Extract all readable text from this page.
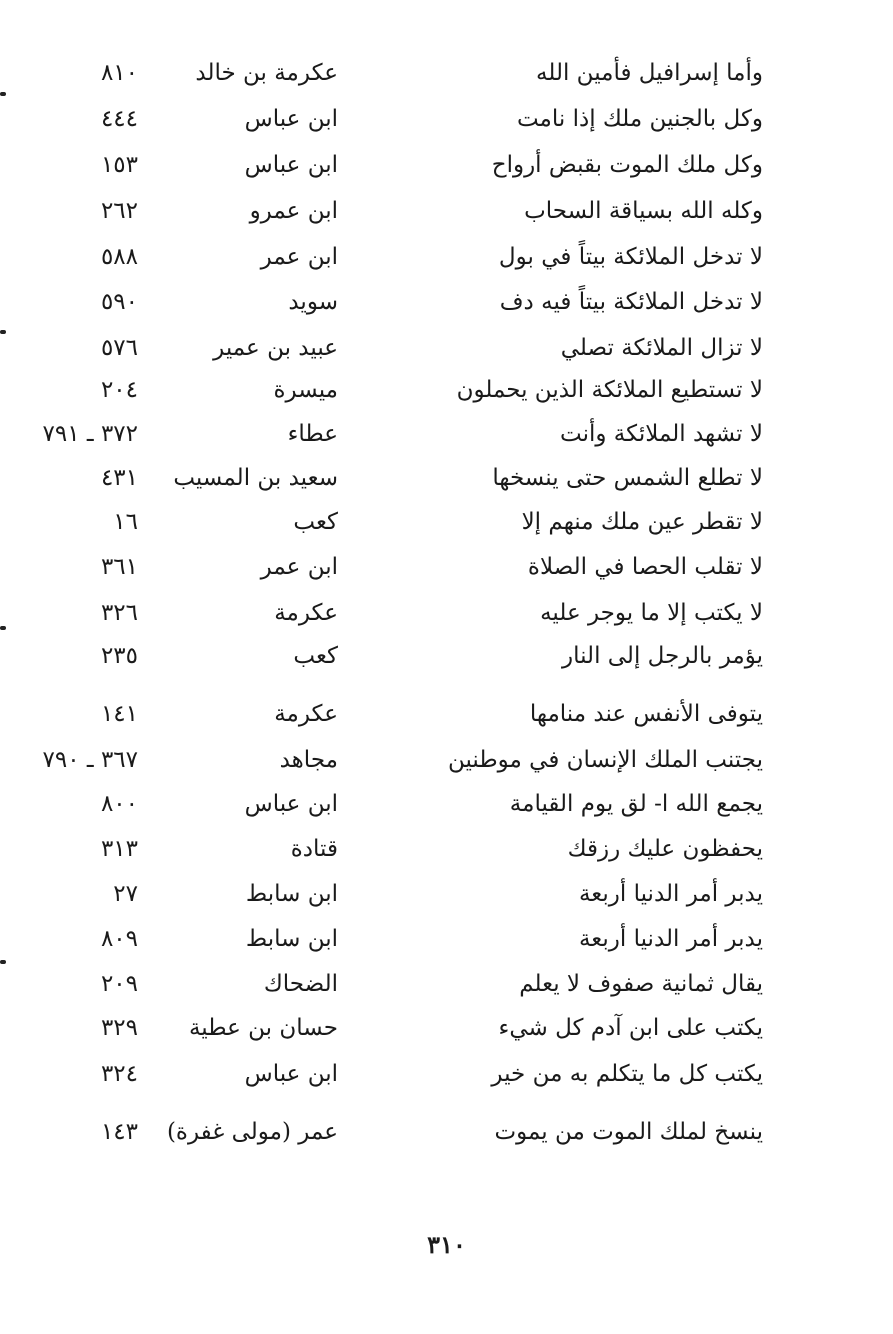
وأما إسرافيل فأمين الله
عكرمة بن خالد
٨١٠
وكل بالجنين ملك إذا نامت
ابن عباس
٤٤٤
وكل ملك الموت بقبض أرواح
ابن عباس
١٥٣
وكله الله بسياقة السحاب
ابن عمرو
٢٦٢
لا تدخل الملائكة بيتاً في بول
ابن عمر
٥٨٨
لا تدخل الملائكة بيتاً فيه دف
سويد
٥٩٠
لا تزال الملائكة تصلي
عبيد بن عمير
٥٧٦
لا تستطيع الملائكة الذين يحملون
ميسرة
٢٠٤
لا تشهد الملائكة وأنت
عطاء
٣٧٢ ـ ٧٩١
لا تطلع الشمس حتى ينسخها
سعيد بن المسيب
٤٣١
لا تقطر عين ملك منهم إلا
كعب
١٦
لا تقلب الحصا في الصلاة
ابن عمر
٣٦١
لا يكتب إلا ما يوجر عليه
عكرمة
٣٢٦
يؤمر بالرجل إلى النار
كعب
٢٣٥
يتوفى الأنفس عند منامها
عكرمة
١٤١
يجتنب الملك الإنسان في موطنين
مجاهد
٣٦٧ ـ ٧٩٠
يجمع الله ا- لق يوم القيامة
ابن عباس
٨٠٠
يحفظون عليك رزقك
قتادة
٣١٣
يدبر أمر الدنيا أربعة
ابن سابط
٢٧
يدبر أمر الدنيا أربعة
ابن سابط
٨٠٩
يقال ثمانية صفوف لا يعلم
الضحاك
٢٠٩
يكتب على ابن آدم كل شيء
حسان بن عطية
٣٢٩
يكتب كل ما يتكلم به من خير
ابن عباس
٣٢٤
ينسخ لملك الموت من يموت
عمر (مولى غفرة)
١٤٣
٣١٠
